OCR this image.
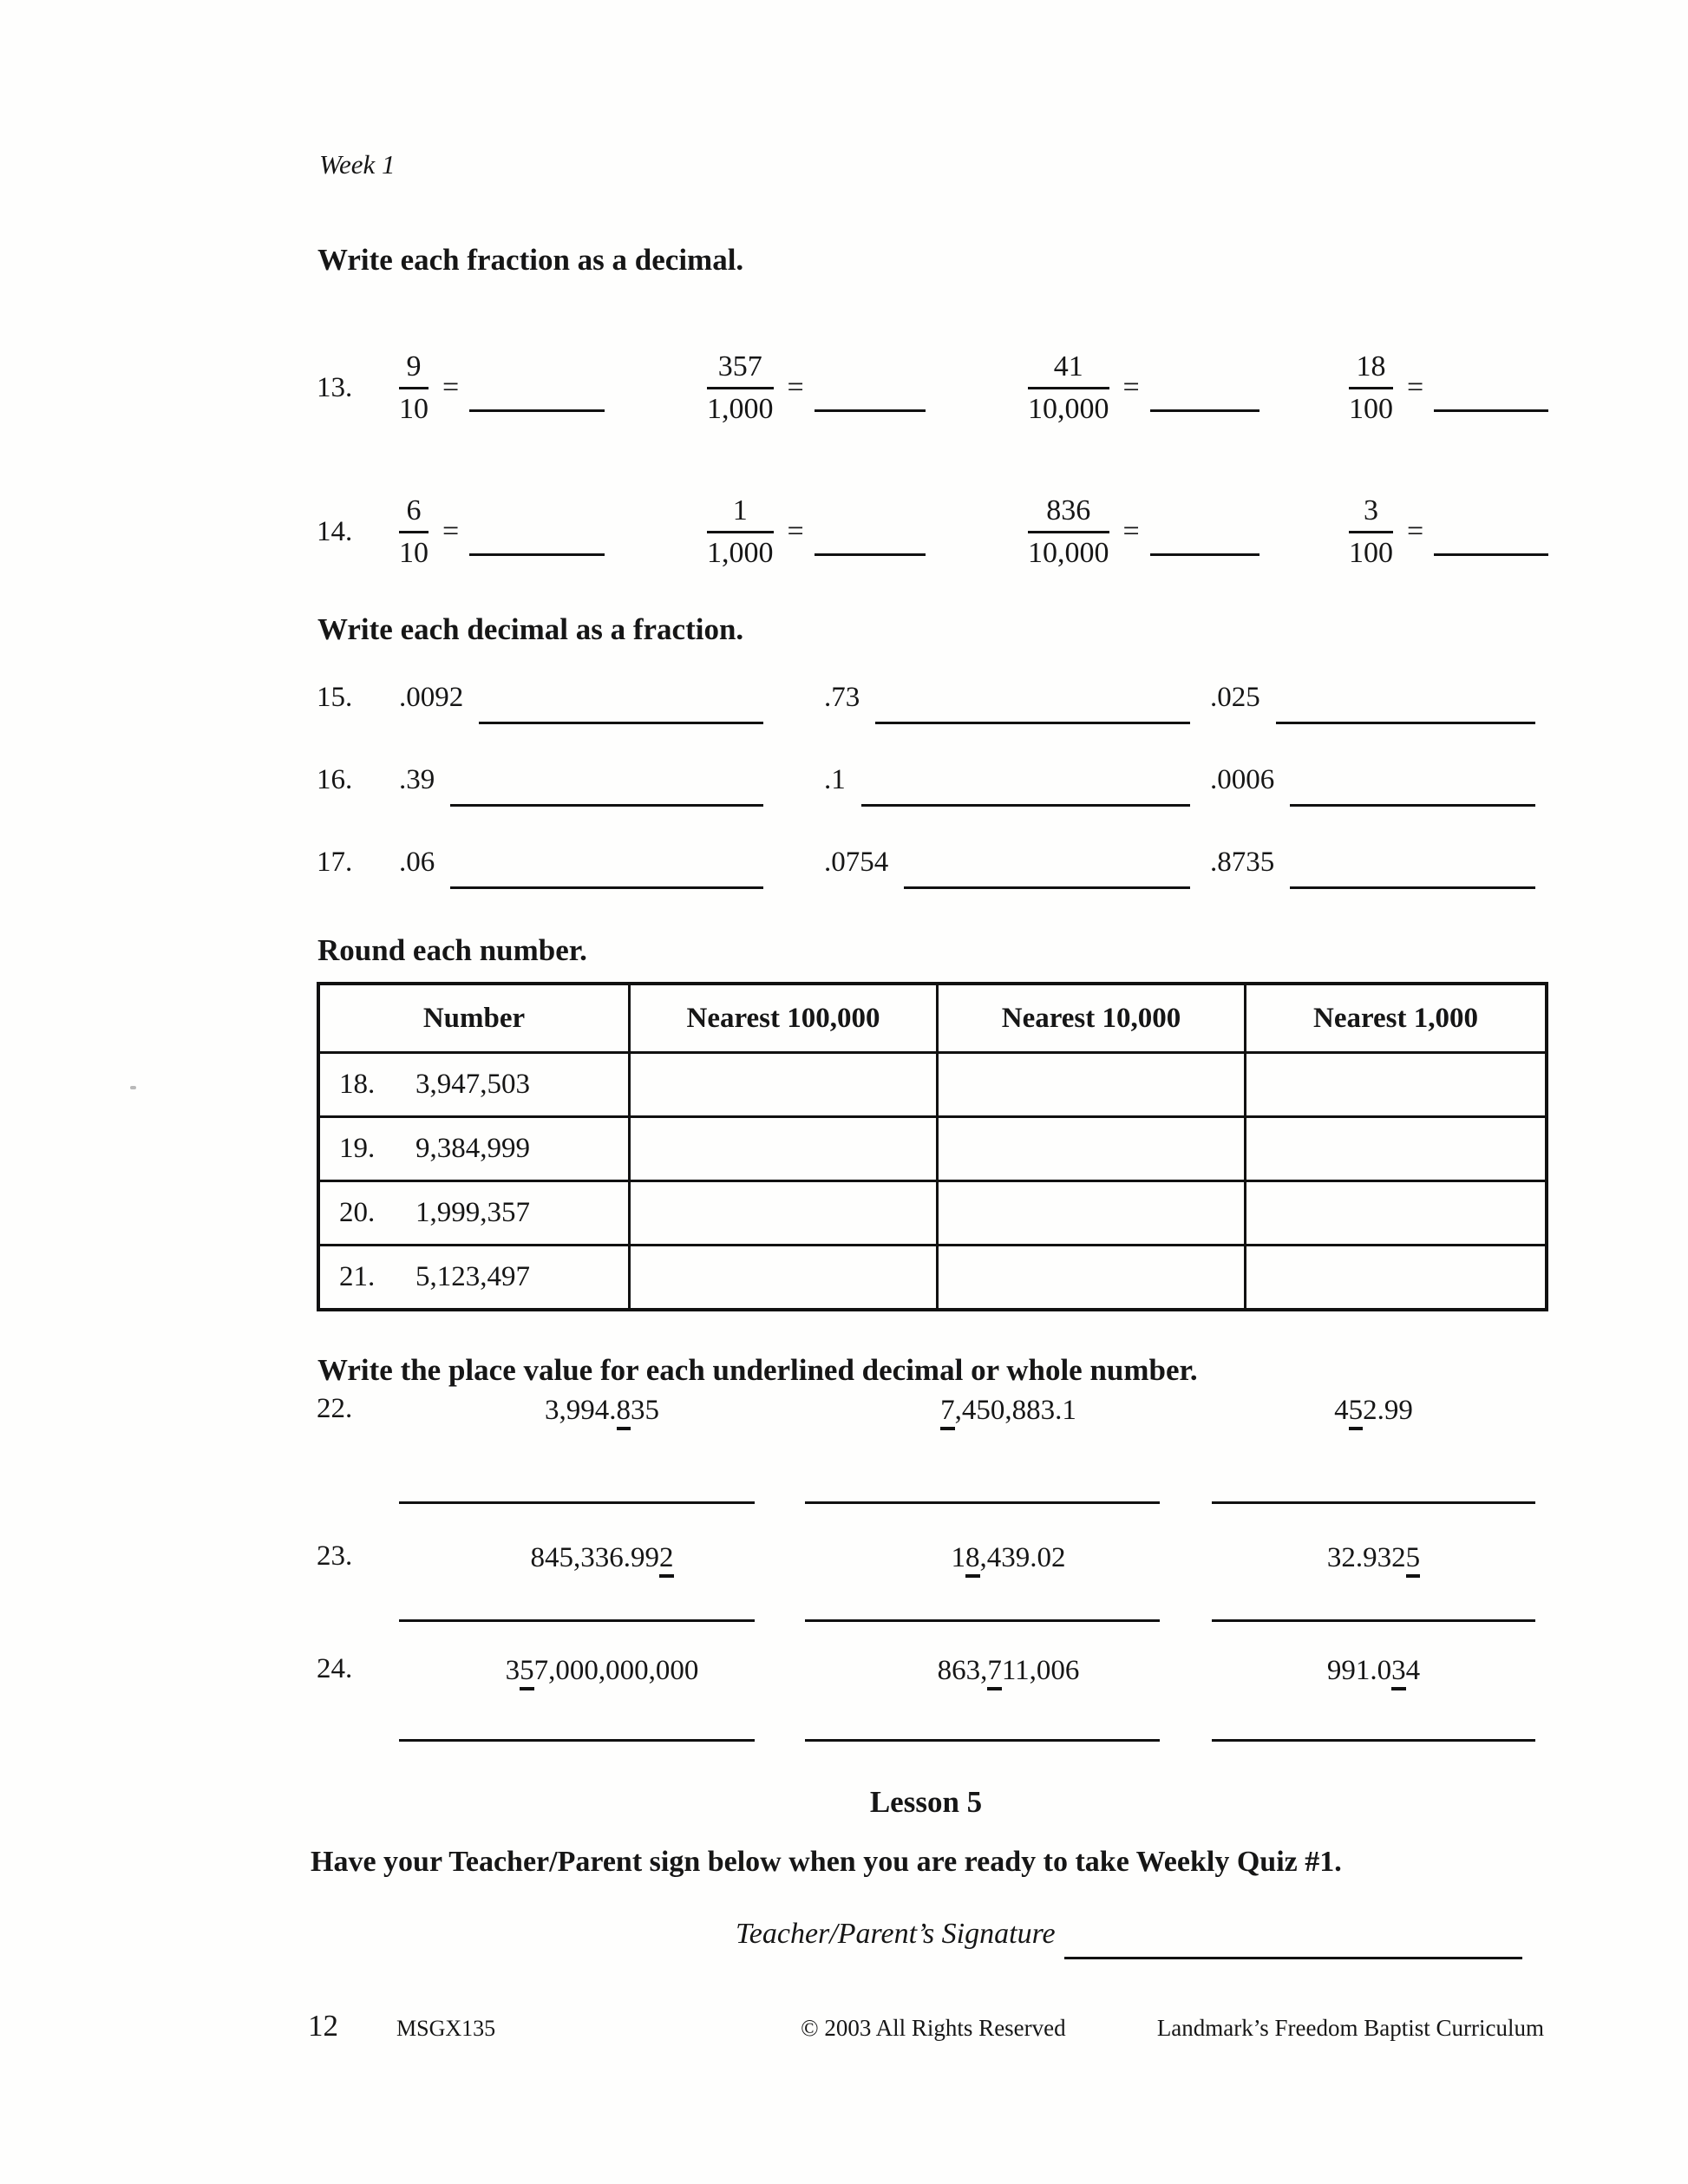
Week 1
Write each fraction as a decimal.
13.	$\frac{9}{10}$ =	$\frac{357}{1,000}$ =	$\frac{41}{10,000}$ =	$\frac{18}{100}$ =
14.	$\frac{6}{10}$ =	$\frac{1}{1,000}$ =	$\frac{836}{10,000}$ =	$\frac{3}{100}$ =
Write each decimal as a fraction.
15.	.0092	.73	.025
16.	.39	.1	.0006
17.	.06	.0754	.8735
Round each number.
Number	Nearest 100,000	Nearest 10,000	Nearest 1,000
18. 3,947,503			
19. 9,384,999			
20. 1,999,357			
21. 5,123,497			
Write the place value for each underlined decimal or whole number.
22.	3,994.835	7,450,883.1	452.99
23.	845,336.992	18,439.02	32.9325
24.	357,000,000,000	863,711,006	991.034
Lesson 5
Have your Teacher/Parent sign below when you are ready to take Weekly Quiz #1.
Teacher/Parent’s Signature
12	MSGX135	© 2003 All Rights Reserved	Landmark’s Freedom Baptist Curriculum
